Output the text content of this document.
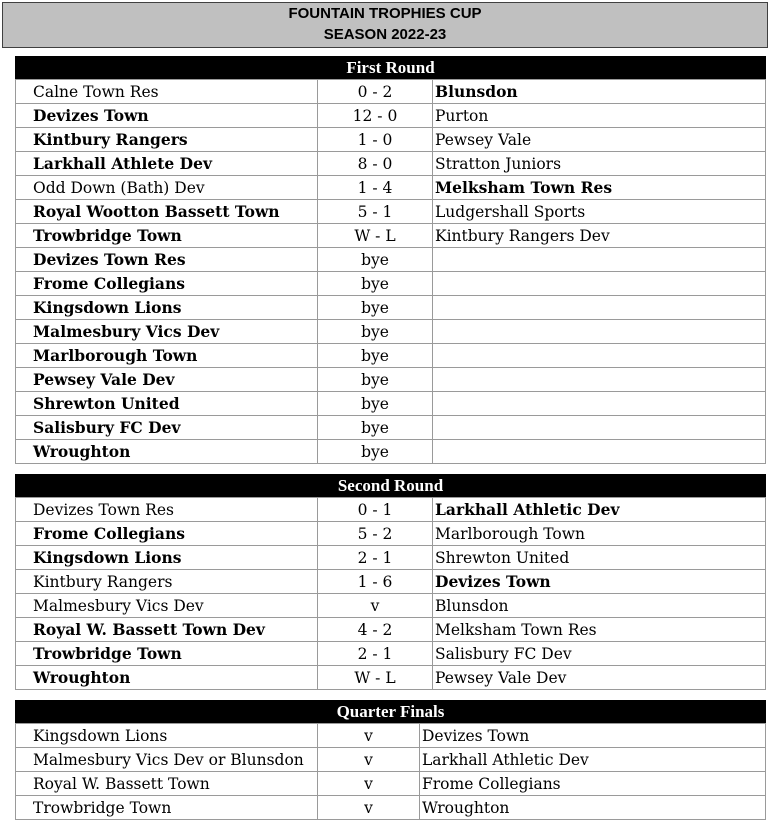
FOUNTAIN TROPHIES CUP
SEASON 2022-23
First Round
Calne Town Res	0 - 2	Blunsdon
Devizes Town	12 - 0	Purton
Kintbury Rangers	1 - 0	Pewsey Vale
Larkhall Athlete Dev	8 - 0	Stratton Juniors
Odd Down (Bath) Dev	1 - 4	Melksham Town Res
Royal Wootton Bassett Town	5 - 1	Ludgershall Sports
Trowbridge Town	W - L	Kintbury Rangers Dev
Devizes Town Res	bye	
Frome Collegians	bye	
Kingsdown Lions	bye	
Malmesbury Vics Dev	bye	
Marlborough Town	bye	
Pewsey Vale Dev	bye	
Shrewton United	bye	
Salisbury FC Dev	bye	
Wroughton	bye	
Second Round
Devizes Town Res	0 - 1	Larkhall Athletic Dev
Frome Collegians	5 - 2	Marlborough Town
Kingsdown Lions	2 - 1	Shrewton United
Kintbury Rangers	1 - 6	Devizes Town
Malmesbury Vics Dev	v	Blunsdon
Royal W. Bassett Town Dev	4 - 2	Melksham Town Res
Trowbridge Town	2 - 1	Salisbury FC Dev
Wroughton	W - L	Pewsey Vale Dev
Quarter Finals
Kingsdown Lions	v	Devizes Town
Malmesbury Vics Dev or Blunsdon	v	Larkhall Athletic Dev
Royal W. Bassett Town	v	Frome Collegians
Trowbridge Town	v	Wroughton
